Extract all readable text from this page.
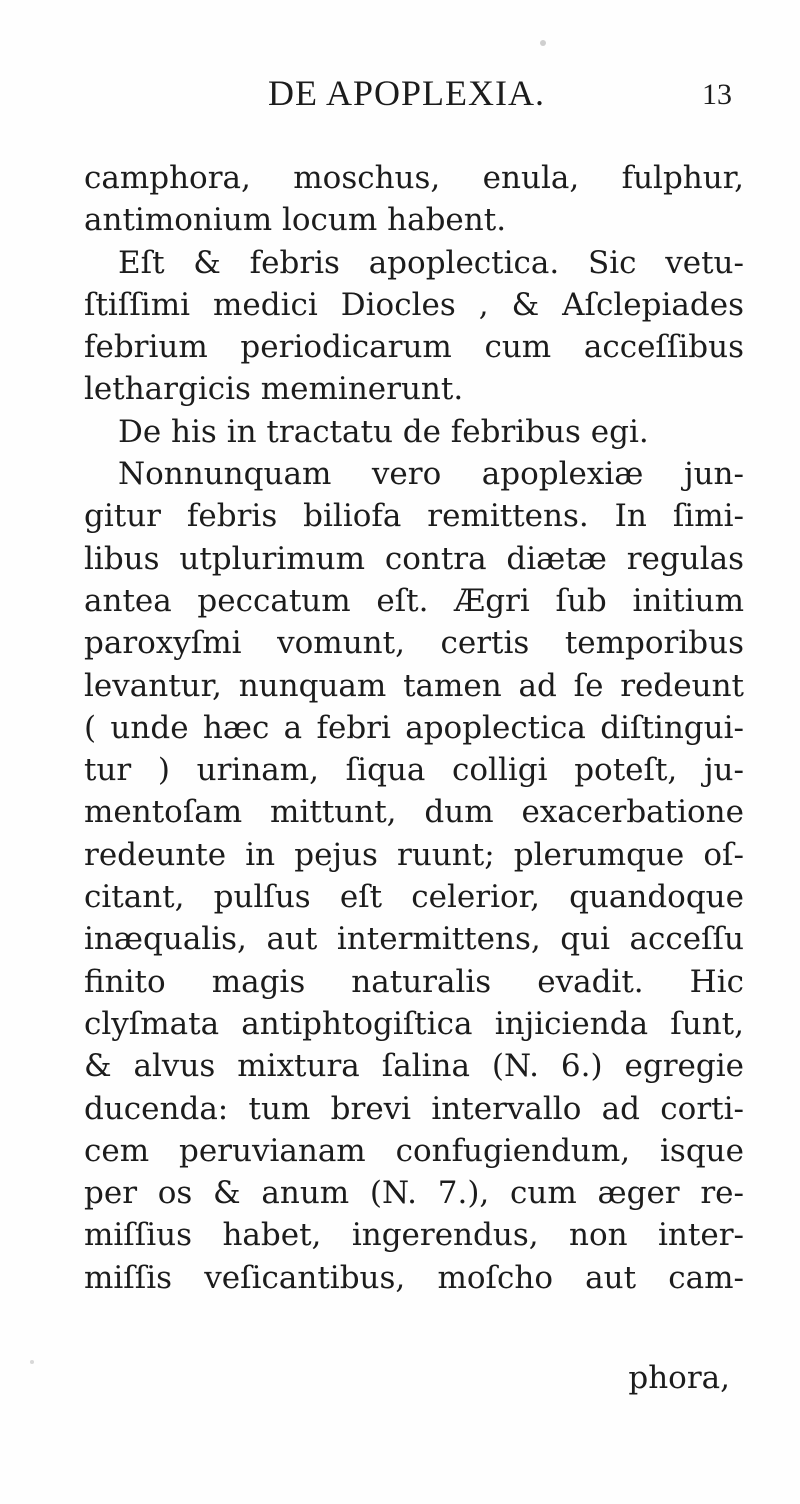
DE APOPLEXIA.	13
camphora, moschus, enula, fulphur,
antimonium locum habent.
Eſt & febris apoplectica. Sic vetu-
ſtiſſimi medici Diocles , & Aſclepiades
febrium periodicarum cum acceſſibus
lethargicis meminerunt.
De his in tractatu de febribus egi.
Nonnunquam vero apoplexiæ jun-
gitur febris biliofa remittens. In ſimi-
libus utplurimum contra diætæ regulas
antea peccatum eſt. Ægri ſub initium
paroxyſmi vomunt, certis temporibus
levantur, nunquam tamen ad ſe redeunt
( unde hæc a febri apoplectica diſtingui-
tur ) urinam, ſiqua colligi poteſt, ju-
mentoſam mittunt, dum exacerbatione
redeunte in pejus ruunt; plerumque oſ-
citant, pulſus eſt celerior, quandoque
inæqualis, aut intermittens, qui acceſſu
finito magis naturalis evadit. Hic
clyſmata antiphtogiſtica injicienda ſunt,
& alvus mixtura ſalina (N. 6.) egregie
ducenda: tum brevi intervallo ad corti-
cem peruvianam confugiendum, isque
per os & anum (N. 7.), cum æger re-
miſſius habet, ingerendus, non inter-
miſſis veſicantibus, moſcho aut cam-
phora,
